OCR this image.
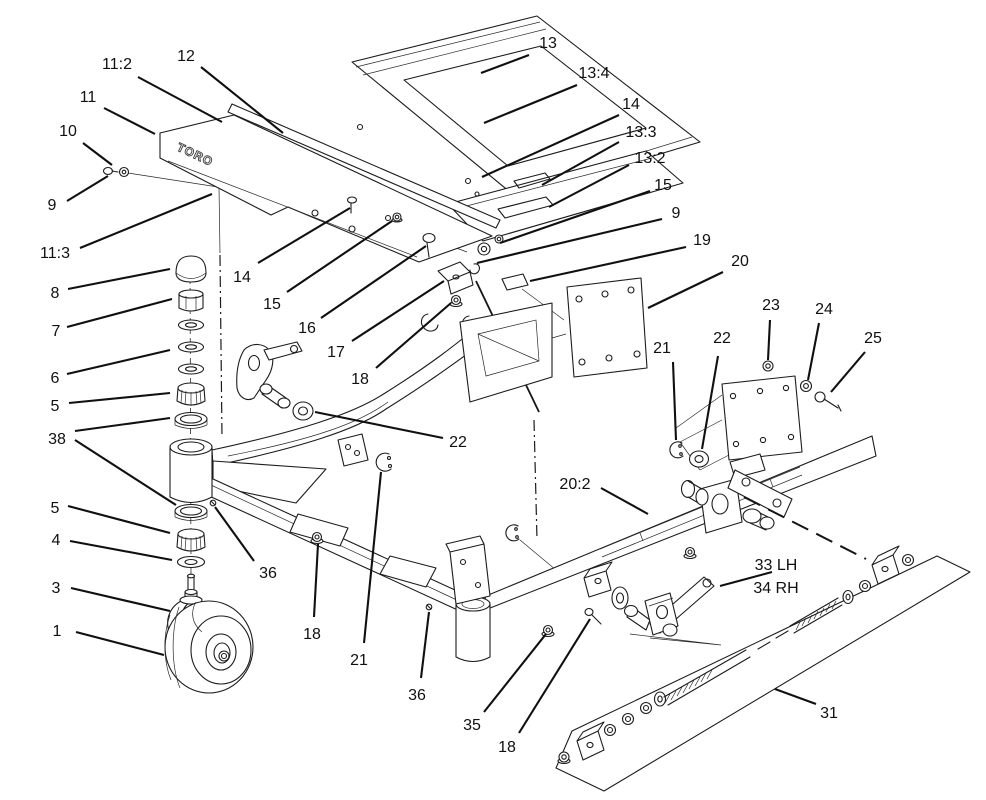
TORO
13
13:4
14
13:3
13:2
15
9
19
20
11:2	12
11
10
9
11:3
8
7
6
5
38
5
4
3
1
36
14
15
16
17
18
22
20:2
21
22
23 24
25
18
21
36
35
18
33 LH
34 RH
31
